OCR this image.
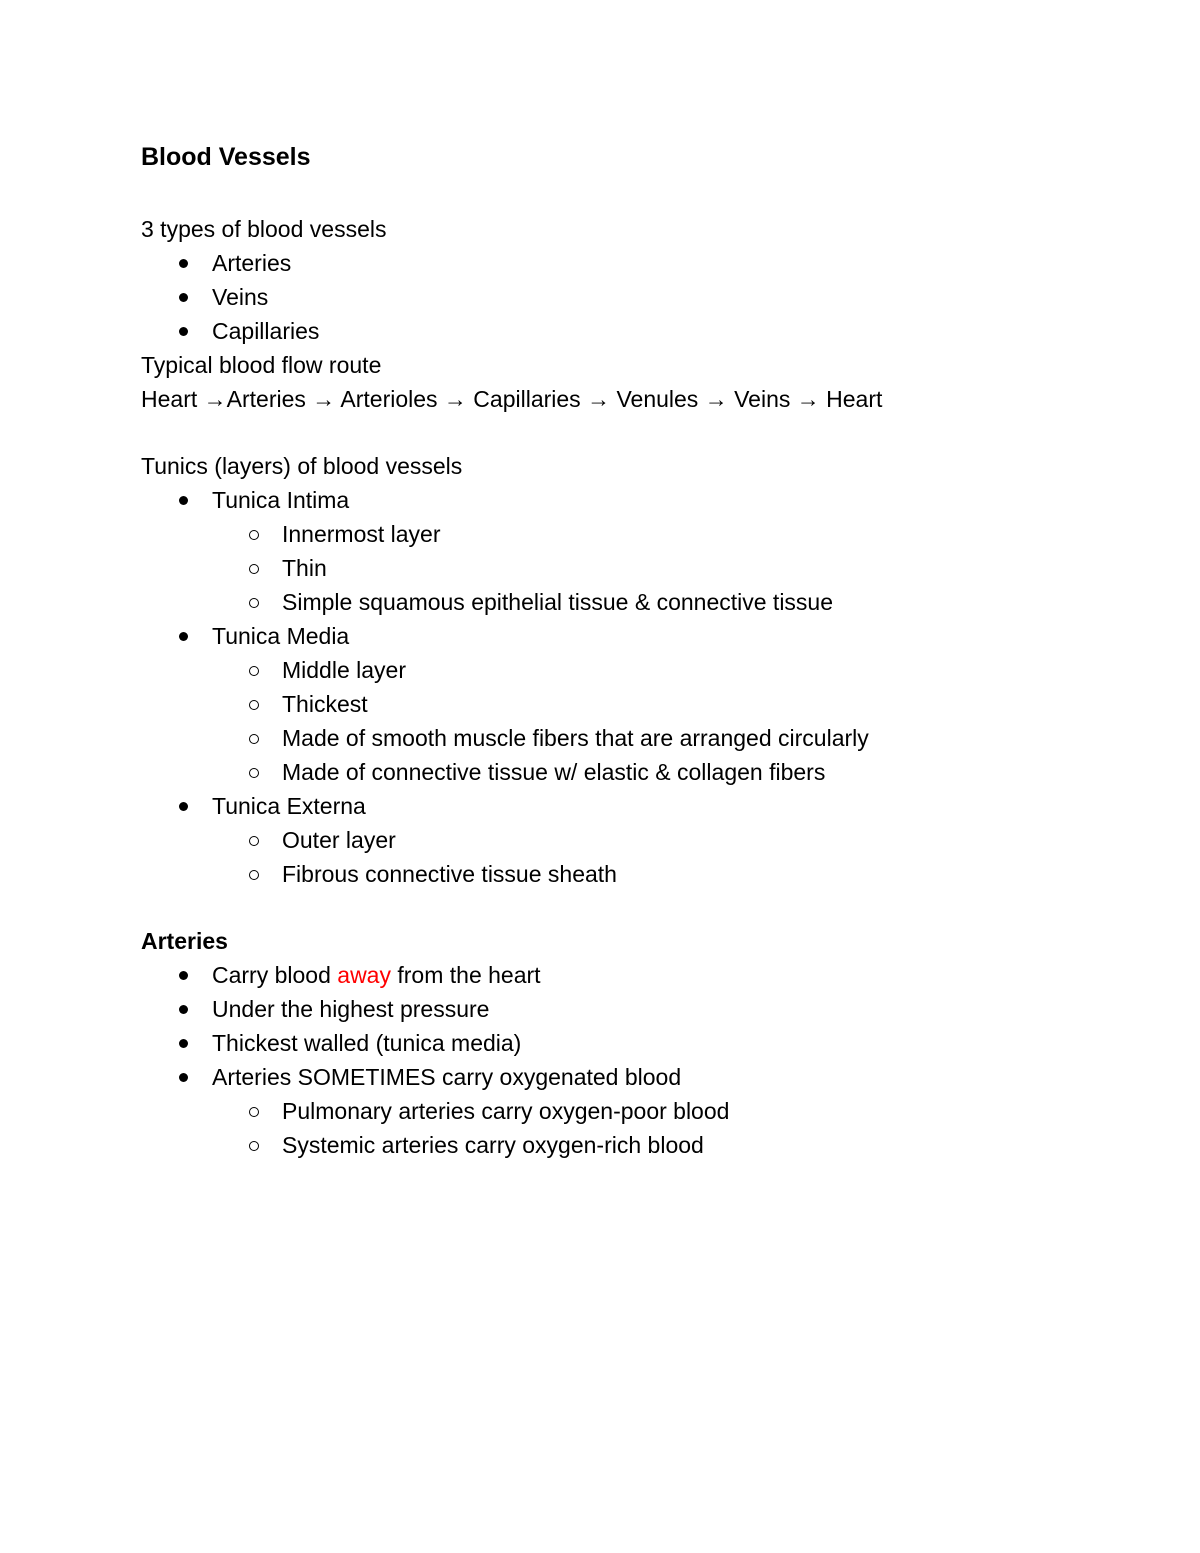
Blood Vessels
3 types of blood vessels
Arteries
Veins
Capillaries
Typical blood flow route
Heart →Arteries → Arterioles → Capillaries → Venules → Veins → Heart
Tunics (layers) of blood vessels
Tunica Intima
Innermost layer
Thin
Simple squamous epithelial tissue & connective tissue
Tunica Media
Middle layer
Thickest
Made of smooth muscle fibers that are arranged circularly
Made of connective tissue w/ elastic & collagen fibers
Tunica Externa
Outer layer
Fibrous connective tissue sheath
Arteries
Carry blood away from the heart
Under the highest pressure
Thickest walled (tunica media)
Arteries SOMETIMES carry oxygenated blood
Pulmonary arteries carry oxygen-poor blood
Systemic arteries carry oxygen-rich blood
